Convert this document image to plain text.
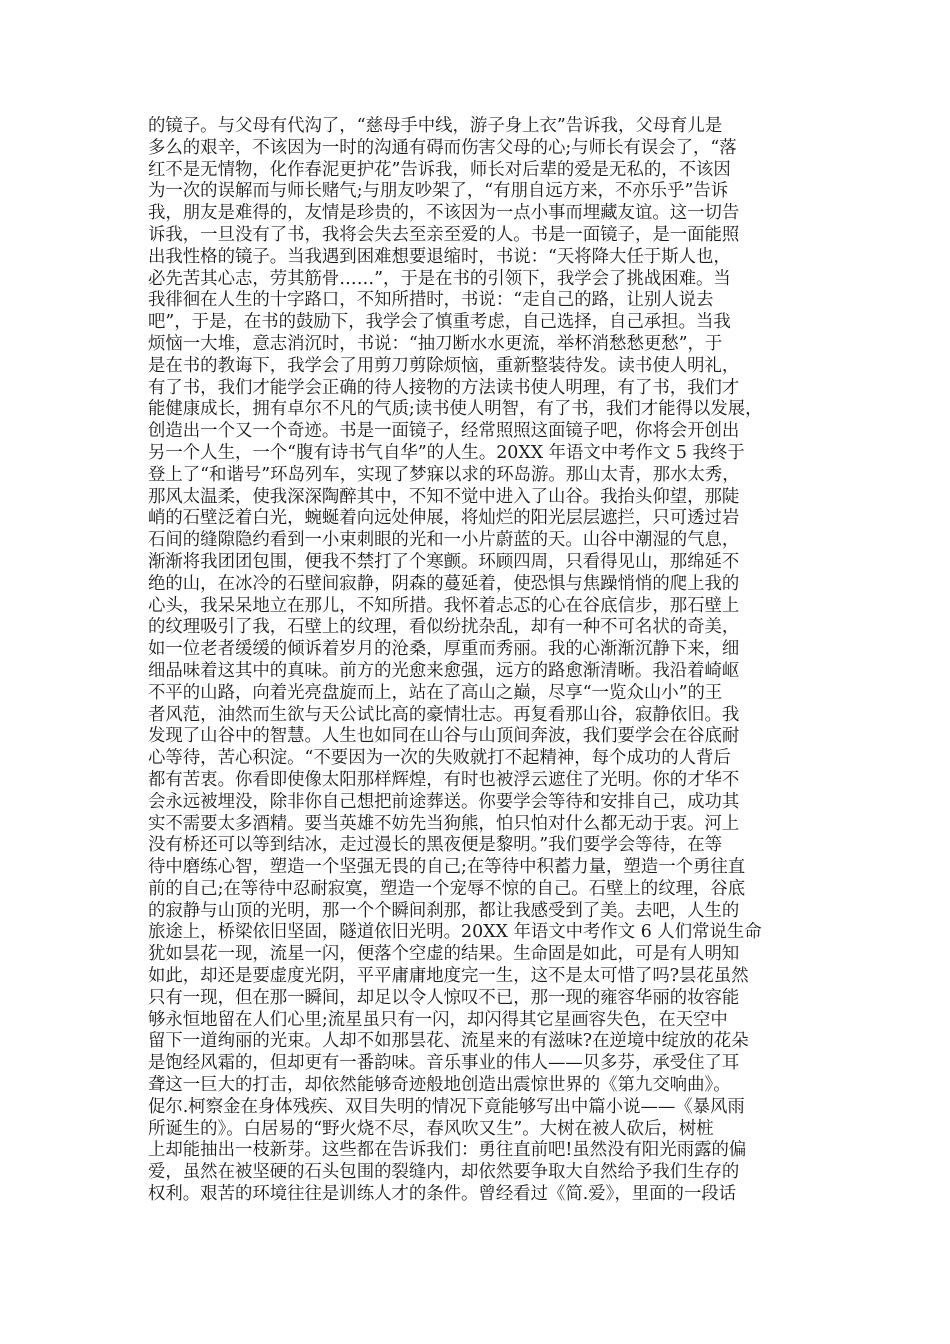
的镜子。与父母有代沟了，“慈母手中线，游子身上衣”告诉我，父母育儿是
多么的艰辛，不该因为一时的沟通有碍而伤害父母的心;与师长有误会了，“落
红不是无情物，化作春泥更护花”告诉我，师长对后辈的爱是无私的，不该因
为一次的误解而与师长赌气;与朋友吵架了，“有朋自远方来，不亦乐乎”告诉
我，朋友是难得的，友情是珍贵的，不该因为一点小事而埋藏友谊。这一切告
诉我，一旦没有了书，我将会失去至亲至爱的人。书是一面镜子，是一面能照
出我性格的镜子。当我遇到困难想要退缩时，书说：“天将降大任于斯人也，
必先苦其心志，劳其筋骨……”，于是在书的引领下，我学会了挑战困难。当
我徘徊在人生的十字路口，不知所措时，书说：“走自己的路，让别人说去
吧”，于是，在书的鼓励下，我学会了慎重考虑，自己选择，自己承担。当我
烦恼一大堆，意志消沉时，书说：“抽刀断水水更流，举杯消愁愁更愁”，于
是在书的教诲下，我学会了用剪刀剪除烦恼，重新整装待发。读书使人明礼，
有了书，我们才能学会正确的待人接物的方法读书使人明理，有了书，我们才
能健康成长，拥有卓尔不凡的气质;读书使人明智，有了书，我们才能得以发展，
创造出一个又一个奇迹。书是一面镜子，经常照照这面镜子吧，你将会开创出
另一个人生，一个“腹有诗书气自华”的人生。20XX 年语文中考作文 5 我终于
登上了“和谐号”环岛列车，实现了梦寐以求的环岛游。那山太青，那水太秀，
那风太温柔，使我深深陶醉其中，不知不觉中进入了山谷。我抬头仰望，那陡
峭的石壁泛着白光，蜿蜒着向远处伸展，将灿烂的阳光层层遮拦，只可透过岩
石间的缝隙隐约看到一小束刺眼的光和一小片蔚蓝的天。山谷中潮湿的气息，
渐渐将我团团包围，便我不禁打了个寒颤。环顾四周，只看得见山，那绵延不
绝的山，在冰冷的石壁间寂静，阴森的蔓延着，使恐惧与焦躁悄悄的爬上我的
心头，我呆呆地立在那儿，不知所措。我怀着忐忑的心在谷底信步，那石壁上
的纹理吸引了我，石壁上的纹理，看似纷扰杂乱，却有一种不可名状的奇美，
如一位老者缓缓的倾诉着岁月的沧桑，厚重而秀丽。我的心渐渐沉静下来，细
细品味着这其中的真味。前方的光愈来愈强，远方的路愈渐清晰。我沿着崎岖
不平的山路，向着光亮盘旋而上，站在了高山之巅，尽享“一览众山小”的王
者风范，油然而生欲与天公试比高的豪情壮志。再复看那山谷，寂静依旧。我
发现了山谷中的智慧。人生也如同在山谷与山顶间奔波，我们要学会在谷底耐
心等待，苦心积淀。“不要因为一次的失败就打不起精神，每个成功的人背后
都有苦衷。你看即使像太阳那样辉煌，有时也被浮云遮住了光明。你的才华不
会永远被埋没，除非你自己想把前途葬送。你要学会等待和安排自己，成功其
实不需要太多酒精。要当英雄不妨先当狗熊，怕只怕对什么都无动于衷。河上
没有桥还可以等到结冰，走过漫长的黑夜便是黎明。”我们要学会等待，在等
待中磨练心智，塑造一个坚强无畏的自己;在等待中积蓄力量，塑造一个勇往直
前的自己;在等待中忍耐寂寞，塑造一个宠辱不惊的自己。石壁上的纹理，谷底
的寂静与山顶的光明，那一个个瞬间刹那，都让我感受到了美。去吧，人生的
旅途上，桥梁依旧坚固，隧道依旧光明。20XX 年语文中考作文 6 人们常说生命
犹如昙花一现，流星一闪，便落个空虚的结果。生命固是如此，可是有人明知
如此，却还是要虚度光阴，平平庸庸地度完一生，这不是太可惜了吗?昙花虽然
只有一现，但在那一瞬间，却足以令人惊叹不已，那一现的雍容华丽的妆容能
够永恒地留在人们心里;流星虽只有一闪，却闪得其它星画容失色，在天空中
留下一道绚丽的光束。人却不如那昙花、流星来的有滋味?在逆境中绽放的花朵
是饱经风霜的，但却更有一番韵味。音乐事业的伟人——贝多芬，承受住了耳
聋这一巨大的打击，却依然能够奇迹般地创造出震惊世界的《第九交响曲》。
促尔.柯察金在身体残疾、双目失明的情况下竟能够写出中篇小说——《暴风雨
所诞生的》。白居易的“野火烧不尽，春风吹又生”。大树在被人砍后，树桩
上却能抽出一枝新芽。这些都在告诉我们：勇往直前吧!虽然没有阳光雨露的偏
爱，虽然在被坚硬的石头包围的裂缝内，却依然要争取大自然给予我们生存的
权利。艰苦的环境往往是训练人才的条件。曾经看过《简.爱》，里面的一段话
